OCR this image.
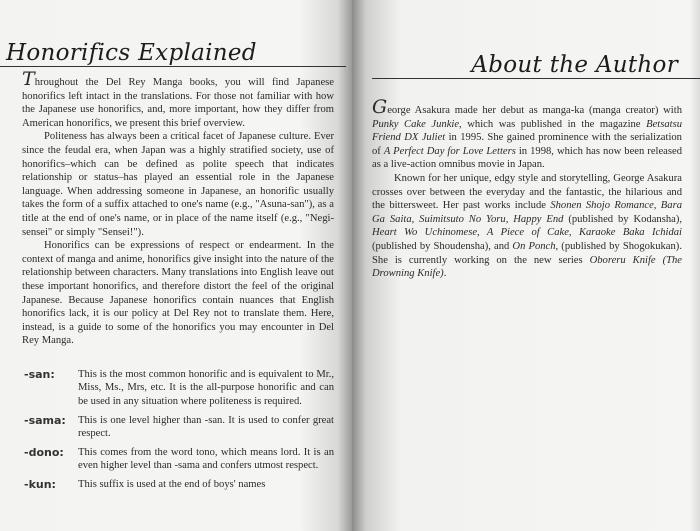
Honorifics Explained

Throughout the Del Rey Manga books, you will find Japanese honorifics left intact in the translations. For those not familiar with how the Japanese use honorifics, and, more important, how they differ from American honorifics, we present this brief overview.

Politeness has always been a critical facet of Japanese culture. Ever since the feudal era, when Japan was a highly stratified society, use of honorifics–which can be defined as polite speech that indicates relationship or status–has played an essential role in the Japanese language. When addressing someone in Japanese, an honorific usually takes the form of a suffix attached to one's name (e.g., "Asuna-san"), as a title at the end of one's name, or in place of the name itself (e.g., "Negi-sensei" or simply "Sensei!").

Honorifics can be expressions of respect or endearment. In the context of manga and anime, honorifics give insight into the nature of the relationship between characters. Many translations into English leave out these important honorifics, and therefore distort the feel of the original Japanese. Because Japanese honorifics contain nuances that English honorifics lack, it is our policy at Del Rey not to translate them. Here, instead, is a guide to some of the honorifics you may encounter in Del Rey Manga.

-san:	This is the most common honorific and is equivalent to Mr., Miss, Ms., Mrs, etc. It is the all-purpose honorific and can be used in any situation where politeness is required.
-sama:	This is one level higher than -san. It is used to confer great respect.
-dono:	This comes from the word tono, which means lord. It is an even higher level than -sama and confers utmost respect.
-kun:	This suffix is used at the end of boys' names
About the Author

George Asakura made her debut as manga-ka (manga creator) with Punky Cake Junkie, which was published in the magazine Betsatsu Friend DX Juliet in 1995. She gained prominence with the serialization of A Perfect Day for Love Letters in 1998, which has now been released as a live-action omnibus movie in Japan.

Known for her unique, edgy style and storytelling, George Asakura crosses over between the everyday and the fantastic, the hilarious and the bittersweet. Her past works include Shonen Shojo Romance, Bara Ga Saita, Suimitsuto No Yoru, Happy End (published by Kodansha), Heart Wo Uchinomese, A Piece of Cake, Karaoke Baka Ichidai (published by Shoudensha), and On Ponch, (published by Shogokukan). She is currently working on the new series Oboreru Knife (The Drowning Knife).
